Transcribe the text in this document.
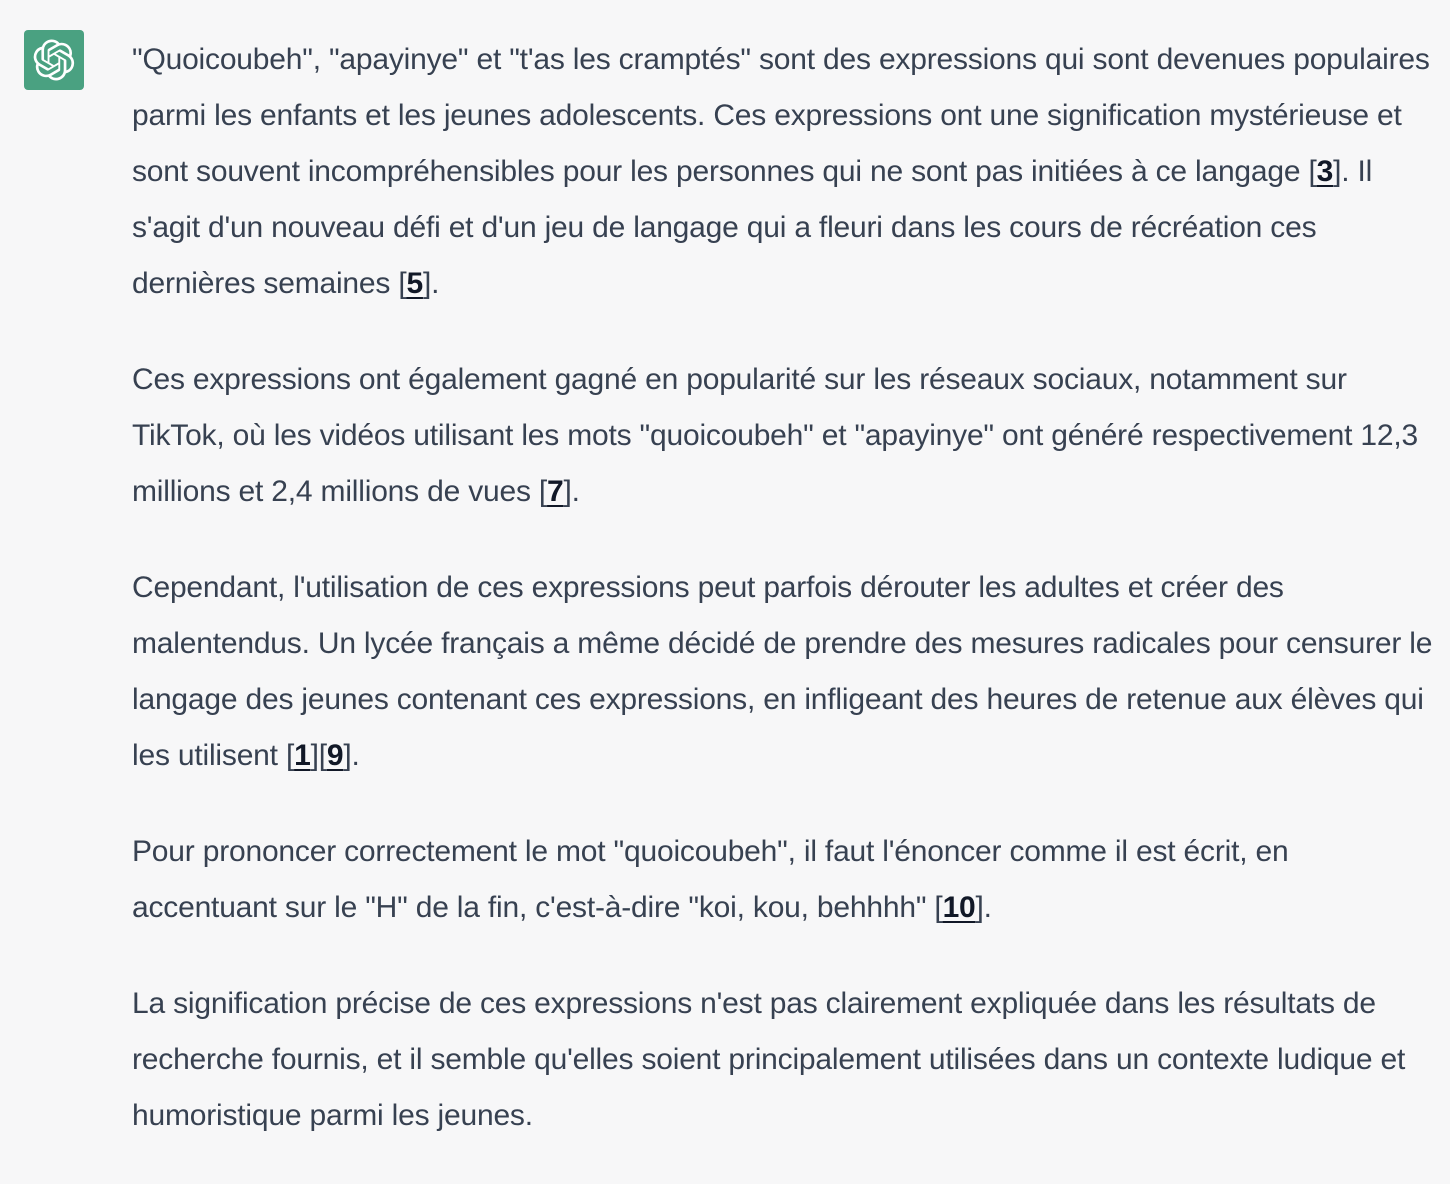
"Quoicoubeh", "apayinye" et "t'as les cramptés" sont des expressions qui sont devenues populaires parmi les enfants et les jeunes adolescents. Ces expressions ont une signification mystérieuse et sont souvent incompréhensibles pour les personnes qui ne sont pas initiées à ce langage [3]. Il s'agit d'un nouveau défi et d'un jeu de langage qui a fleuri dans les cours de récréation ces dernières semaines [5].

Ces expressions ont également gagné en popularité sur les réseaux sociaux, notamment sur TikTok, où les vidéos utilisant les mots "quoicoubeh" et "apayinye" ont généré respectivement 12,3 millions et 2,4 millions de vues [7].

Cependant, l'utilisation de ces expressions peut parfois dérouter les adultes et créer des malentendus. Un lycée français a même décidé de prendre des mesures radicales pour censurer le langage des jeunes contenant ces expressions, en infligeant des heures de retenue aux élèves qui les utilisent [1][9].

Pour prononcer correctement le mot "quoicoubeh", il faut l'énoncer comme il est écrit, en accentuant sur le "H" de la fin, c'est-à-dire "koi, kou, behhhh" [10].

La signification précise de ces expressions n'est pas clairement expliquée dans les résultats de recherche fournis, et il semble qu'elles soient principalement utilisées dans un contexte ludique et humoristique parmi les jeunes.
